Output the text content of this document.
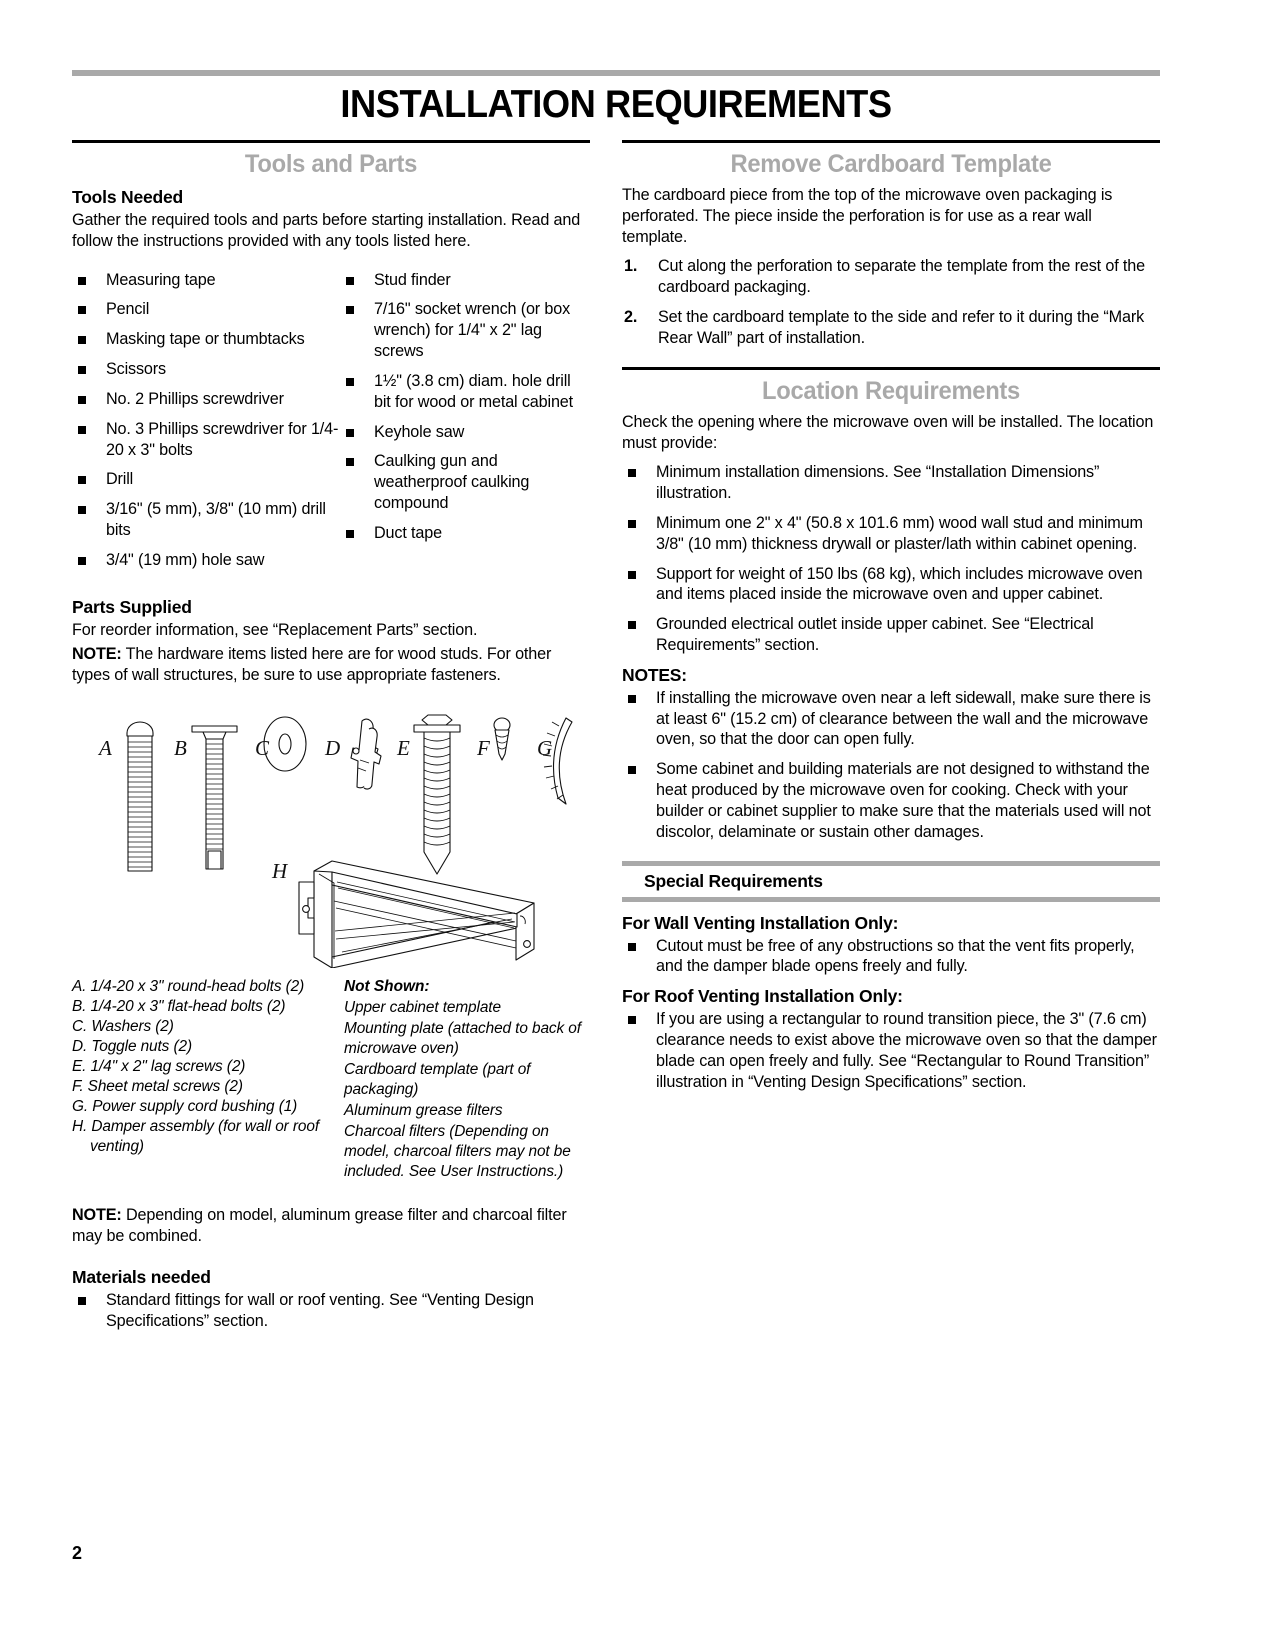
INSTALLATION REQUIREMENTS
Tools and Parts
Tools Needed

Gather the required tools and parts before starting installation. Read and follow the instructions provided with any tools listed here.

Measuring tape
Pencil
Masking tape or thumbtacks
Scissors
No. 2 Phillips screwdriver
No. 3 Phillips screwdriver for 1/4-20 x 3" bolts
Drill
3/16" (5 mm), 3/8" (10 mm) drill bits
3/4" (19 mm) hole saw
Stud finder
7/16" socket wrench (or box wrench) for 1/4" x 2" lag screws
1½" (3.8 cm) diam. hole drill bit for wood or metal cabinet
Keyhole saw
Caulking gun and weatherproof caulking compound
Duct tape
Parts Supplied

For reorder information, see “Replacement Parts” section.

NOTE: The hardware items listed here are for wood studs. For other types of wall structures, be sure to use appropriate fasteners.

A	B	C	D	E	F G
H
A. 1/4-20 x 3" round-head bolts (2)
B. 1/4-20 x 3" flat-head bolts (2)
C. Washers (2)
D. Toggle nuts (2)
E. 1/4" x 2" lag screws (2)
F. Sheet metal screws (2)
G. Power supply cord bushing (1)
H. Damper assembly (for wall or roof venting)
Not Shown:
Upper cabinet template
Mounting plate (attached to back of microwave oven)
Cardboard template (part of packaging)
Aluminum grease filters
Charcoal filters (Depending on model, charcoal filters may not be included. See User Instructions.)

NOTE: Depending on model, aluminum grease filter and charcoal filter may be combined.

Materials needed
Standard fittings for wall or roof venting. See “Venting Design Specifications” section.
Remove Cardboard Template

The cardboard piece from the top of the microwave oven packaging is perforated. The piece inside the perforation is for use as a rear wall template.

Cut along the perforation to separate the template from the rest of the cardboard packaging.
Set the cardboard template to the side and refer to it during the “Mark Rear Wall” part of installation.
Location Requirements

Check the opening where the microwave oven will be installed. The location must provide:

Minimum installation dimensions. See “Installation Dimensions” illustration.
Minimum one 2" x 4" (50.8 x 101.6 mm) wood wall stud and minimum 3/8" (10 mm) thickness drywall or plaster/lath within cabinet opening.
Support for weight of 150 lbs (68 kg), which includes microwave oven and items placed inside the microwave oven and upper cabinet.
Grounded electrical outlet inside upper cabinet. See “Electrical Requirements” section.
NOTES:
If installing the microwave oven near a left sidewall, make sure there is at least 6" (15.2 cm) of clearance between the wall and the microwave oven, so that the door can open fully.
Some cabinet and building materials are not designed to withstand the heat produced by the microwave oven for cooking. Check with your builder or cabinet supplier to make sure that the materials used will not discolor, delaminate or sustain other damages.
Special Requirements
For Wall Venting Installation Only:
Cutout must be free of any obstructions so that the vent fits properly, and the damper blade opens freely and fully.
For Roof Venting Installation Only:
If you are using a rectangular to round transition piece, the 3" (7.6 cm) clearance needs to exist above the microwave oven so that the damper blade can open freely and fully. See “Rectangular to Round Transition” illustration in “Venting Design Specifications” section.
2
